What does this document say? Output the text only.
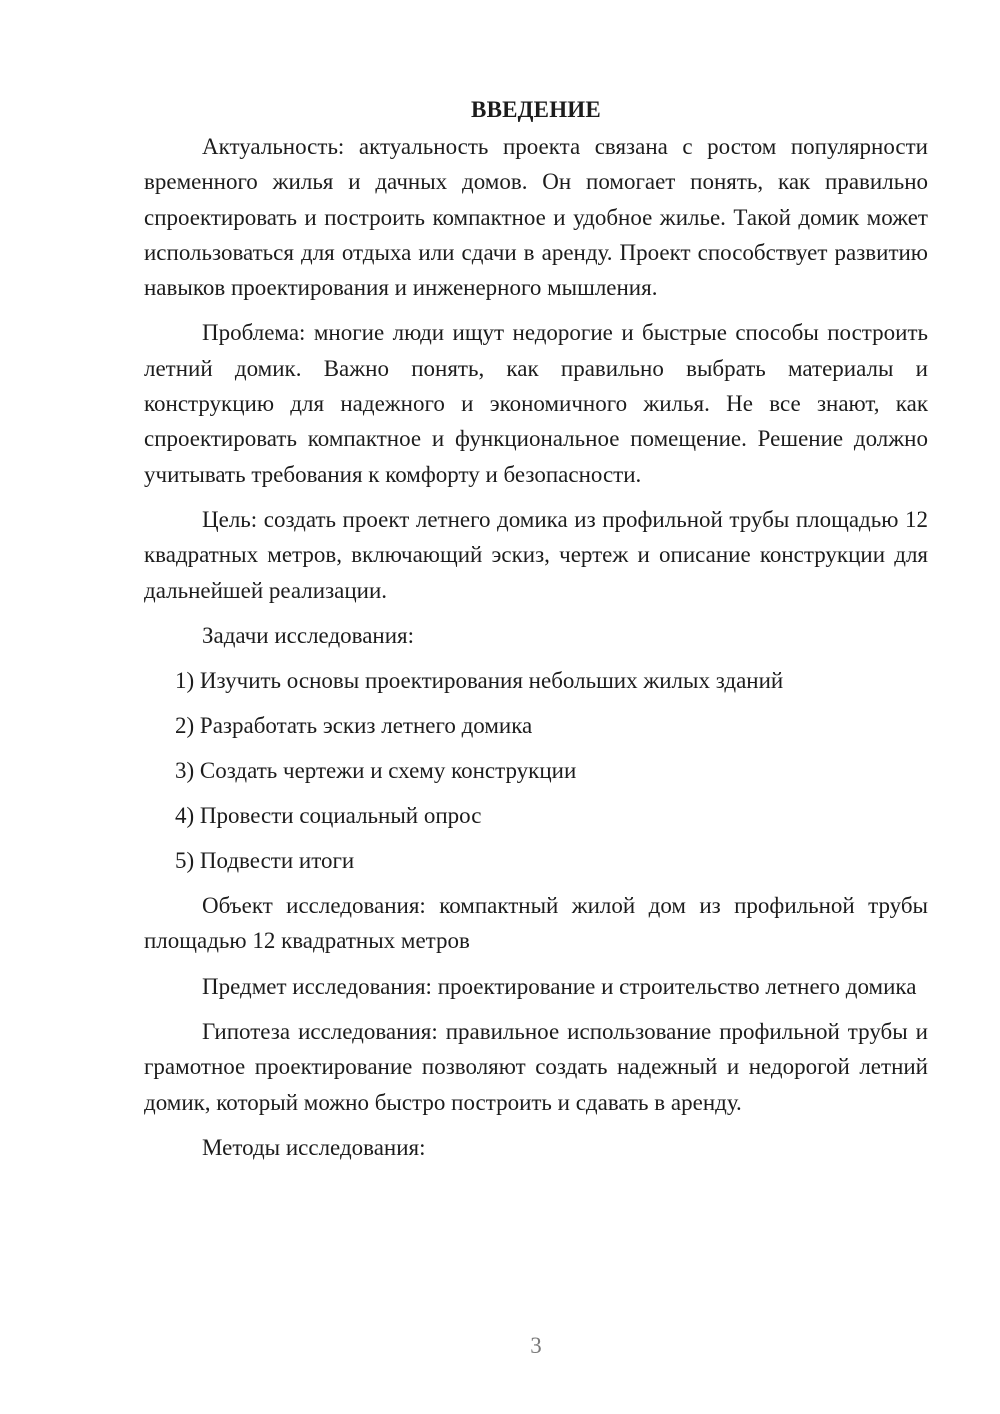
ВВЕДЕНИЕ

Актуальность: актуальность проекта связана с ростом популярности временного жилья и дачных домов. Он помогает понять, как правильно спроектировать и построить компактное и удобное жилье. Такой домик может использоваться для отдыха или сдачи в аренду. Проект способствует развитию навыков проектирования и инженерного мышления.

Проблема: многие люди ищут недорогие и быстрые способы построить летний домик. Важно понять, как правильно выбрать материалы и конструкцию для надежного и экономичного жилья. Не все знают, как спроектировать компактное и функциональное помещение. Решение должно учитывать требования к комфорту и безопасности.

Цель: создать проект летнего домика из профильной трубы площадью 12 квадратных метров, включающий эскиз, чертеж и описание конструкции для дальнейшей реализации.

Задачи исследования:

1) Изучить основы проектирования небольших жилых зданий
2) Разработать эскиз летнего домика
3) Создать чертежи и схему конструкции
4) Провести социальный опрос
5) Подвести итоги

Объект исследования: компактный жилой дом из профильной трубы площадью 12 квадратных метров

Предмет исследования: проектирование и строительство летнего домика

Гипотеза исследования: правильное использование профильной трубы и грамотное проектирование позволяют создать надежный и недорогой летний домик, который можно быстро построить и сдавать в аренду.

Методы исследования:

3
